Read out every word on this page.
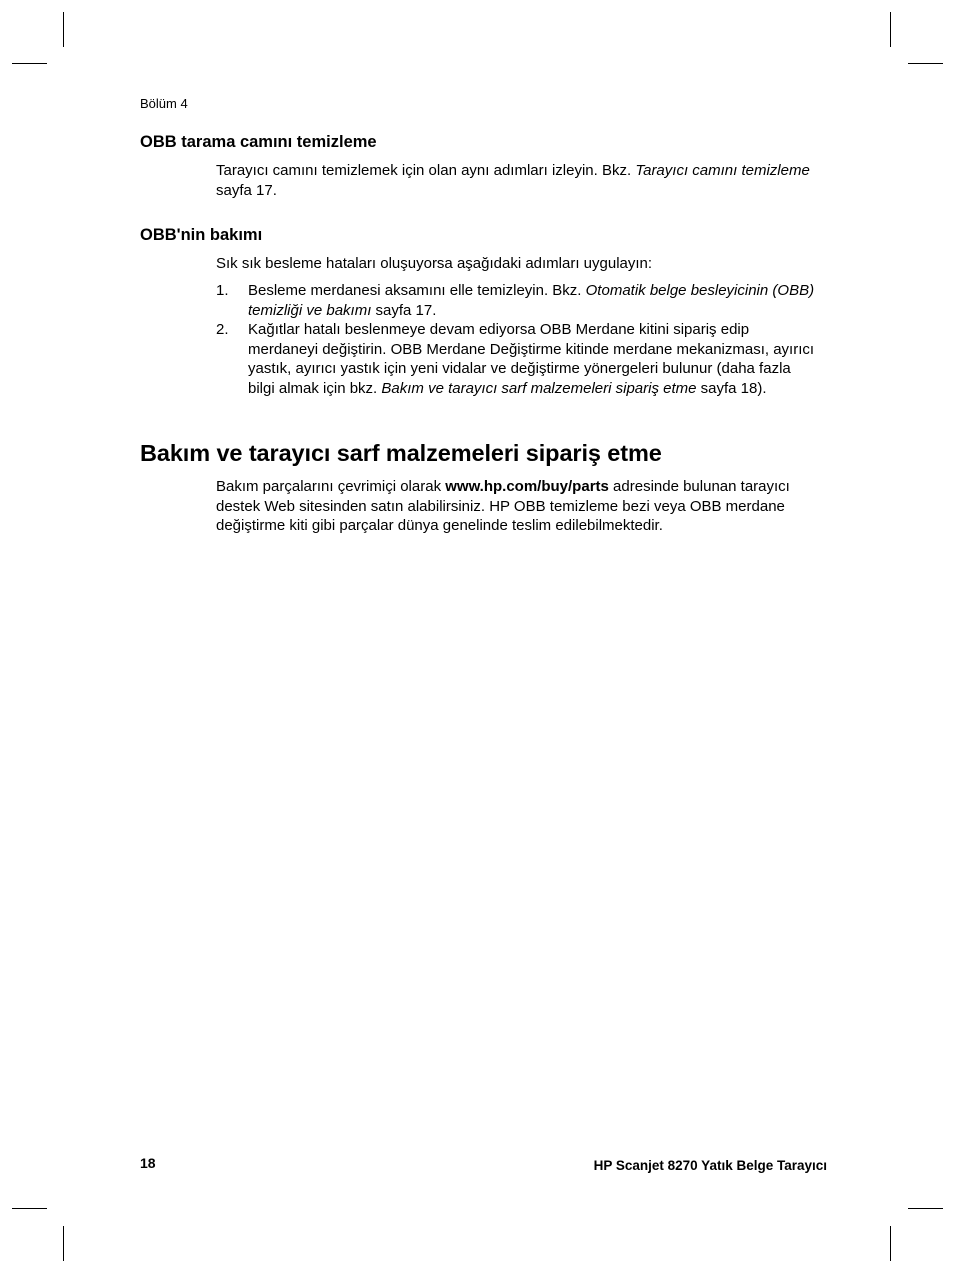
Bölüm 4
OBB tarama camını temizleme

Tarayıcı camını temizlemek için olan aynı adımları izleyin. Bkz. Tarayıcı camını temizleme sayfa 17.

OBB'nin bakımı

Sık sık besleme hataları oluşuyorsa aşağıdaki adımları uygulayın:

1. Besleme merdanesi aksamını elle temizleyin. Bkz. Otomatik belge besleyicinin (OBB) temizliği ve bakımı sayfa 17.
2. Kağıtlar hatalı beslenmeye devam ediyorsa OBB Merdane kitini sipariş edip merdaneyi değiştirin. OBB Merdane Değiştirme kitinde merdane mekanizması, ayırıcı yastık, ayırıcı yastık için yeni vidalar ve değiştirme yönergeleri bulunur (daha fazla bilgi almak için bkz. Bakım ve tarayıcı sarf malzemeleri sipariş etme sayfa 18).
Bakım ve tarayıcı sarf malzemeleri sipariş etme

Bakım parçalarını çevrimiçi olarak www.hp.com/buy/parts adresinde bulunan tarayıcı destek Web sitesinden satın alabilirsiniz. HP OBB temizleme bezi veya OBB merdane değiştirme kiti gibi parçalar dünya genelinde teslim edilebilmektedir.

18	HP Scanjet 8270 Yatık Belge Tarayıcı
